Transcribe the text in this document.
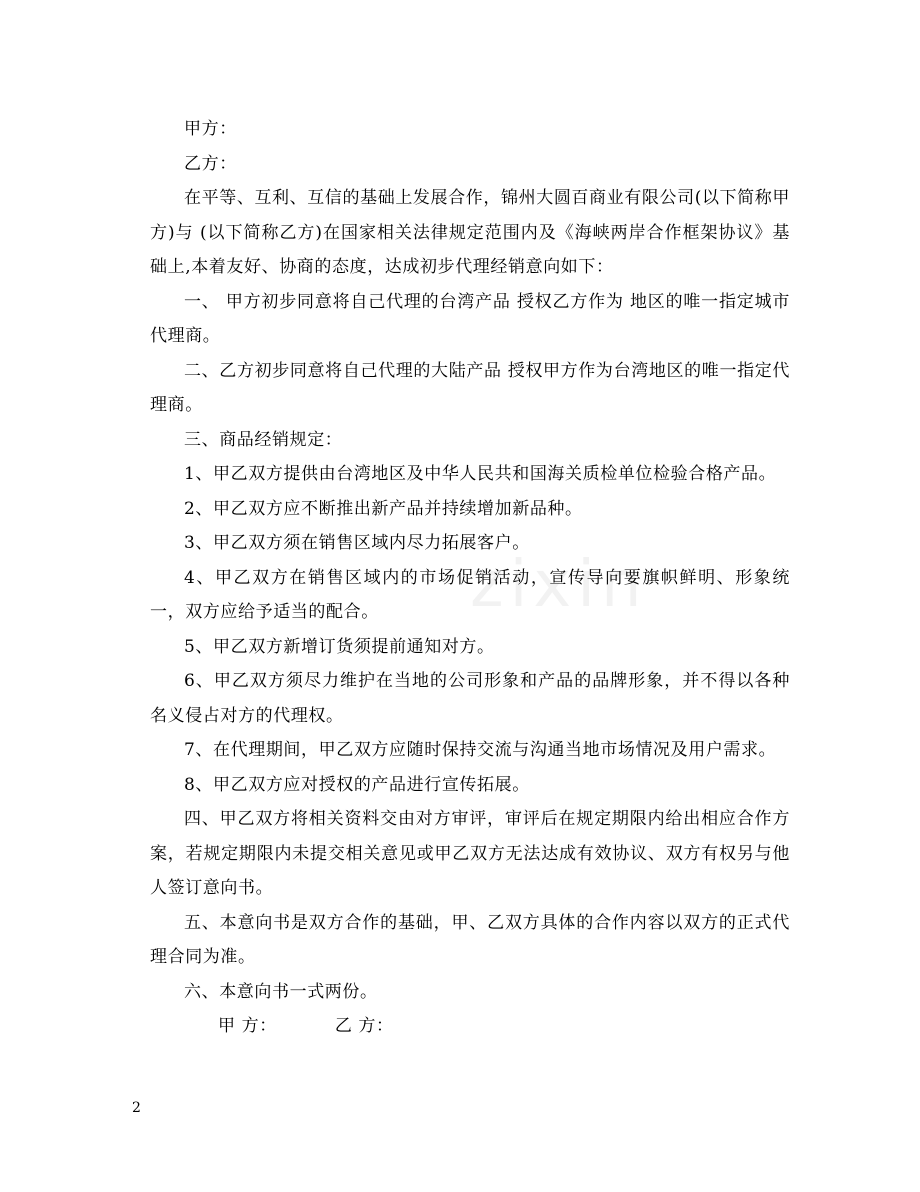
zixin

甲方：

乙方：

在平等、互利、互信的基础上发展合作，锦州大圆百商业有限公司(以下简称甲方)与 (以下简称乙方)在国家相关法律规定范围内及《海峡两岸合作框架协议》基础上,本着友好、协商的态度，达成初步代理经销意向如下：

一、 甲方初步同意将自己代理的台湾产品 授权乙方作为 地区的唯一指定城市代理商。

二、乙方初步同意将自己代理的大陆产品 授权甲方作为台湾地区的唯一指定代理商。

三、商品经销规定：

1、甲乙双方提供由台湾地区及中华人民共和国海关质检单位检验合格产品。

2、甲乙双方应不断推出新产品并持续增加新品种。

3、甲乙双方须在销售区域内尽力拓展客户。

4、甲乙双方在销售区域内的市场促销活动，宣传导向要旗帜鲜明、形象统一，双方应给予适当的配合。

5、甲乙双方新增订货须提前通知对方。

6、甲乙双方须尽力维护在当地的公司形象和产品的品牌形象，并不得以各种名义侵占对方的代理权。

7、在代理期间，甲乙双方应随时保持交流与沟通当地市场情况及用户需求。

8、甲乙双方应对授权的产品进行宣传拓展。

四、甲乙双方将相关资料交由对方审评，审评后在规定期限内给出相应合作方案，若规定期限内未提交相关意见或甲乙双方无法达成有效协议、双方有权另与他人签订意向书。

五、本意向书是双方合作的基础，甲、乙双方具体的合作内容以双方的正式代理合同为准。

六、本意向书一式两份。

甲 方：	乙 方：

2
